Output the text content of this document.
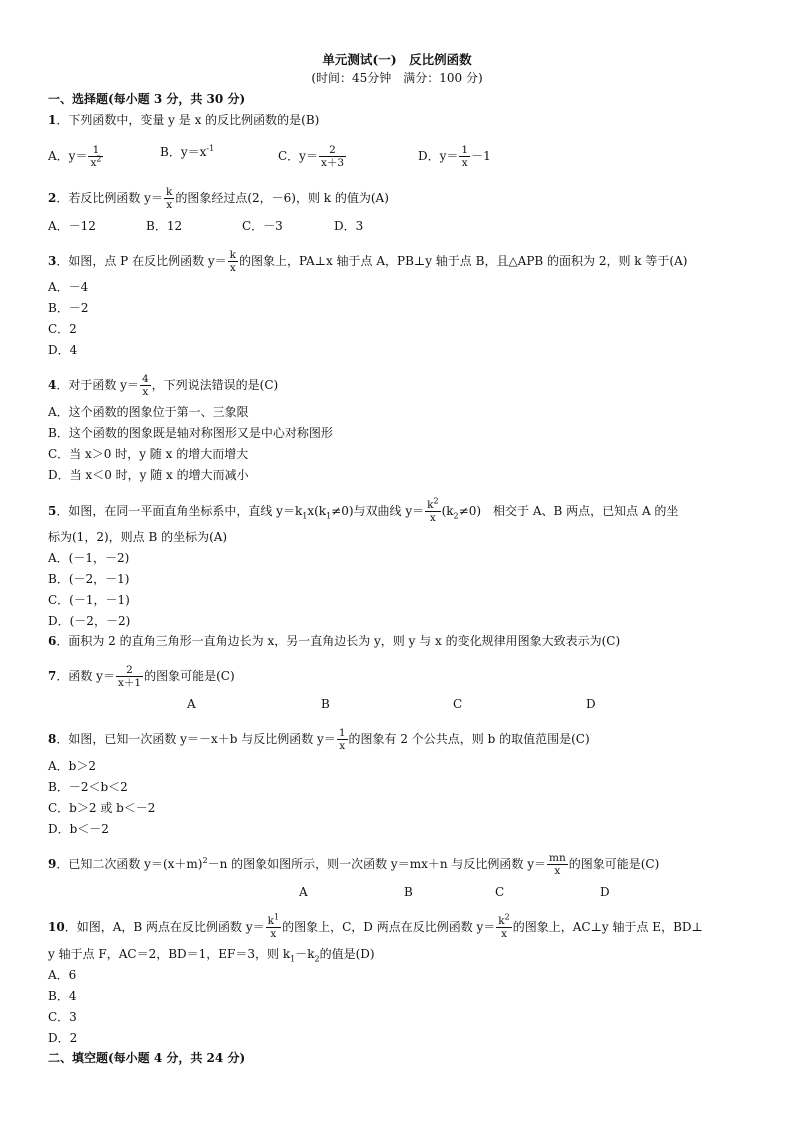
单元测试(一)　反比例函数
(时间：45分钟　满分：100 分)
一、选择题(每小题 3 分，共 30 分)
1．下列函数中，变量 y 是 x 的反比例函数的是(B)
A．$y= \frac{1}{x^2}$	B．$y=x^{-1}$
C．$y= \frac{2}{x+3}$	D．$y= \frac{1}{x} -1$
2．若反比例函数 $y= \frac{k}{x}$ 的图象经过点(2，－6)，则 k 的值为(A)
A．－12	B．12	C．－3	D．3
3．如图，点 P 在反比例函数 $y= \frac{k}{x}$ 的图象上，PA⊥x 轴于点 A，PB⊥y 轴于点 B，且△APB 的面积为 2，则 k 等于(A)
A．－4
B．－2
C．2
D．4
4．对于函数 $y= \frac{4}{x}$ ，下列说法错误的是(C)
A．这个函数的图象位于第一、三象限
B．这个函数的图象既是轴对称图形又是中心对称图形
C．当 x＞0 时，y 随 x 的增大而增大
D．当 x＜0 时，y 随 x 的增大而减小
5．如图，在同一平面直角坐标系中，直线 $y=k_1x(k_1\ne 0)$与双曲线 $y= \frac{k^2}{x} (k_2\ne 0)$　相交于 A、B 两点，已知点 A 的坐
标为(1，2)，则点 B 的坐标为(A)
A．(－1，－2)
B．(－2，－1)
C．(－1，－1)
D．(－2，－2)
6．面积为 2 的直角三角形一直角边长为 x，另一直角边长为 y，则 y 与 x 的变化规律用图象大致表示为(C)
7．函数 $y= \frac{2}{x+1}$ 的图象可能是(C)
A	B	C	D
8．如图，已知一次函数 y＝－x＋b 与反比例函数 $y= \frac{1}{x}$ 的图象有 2 个公共点，则 b 的取值范围是(C)
A．b＞2
B．－2＜b＜2
C．b＞2 或 b＜－2
D．b＜－2
9．已知二次函数 $y=(x+m)^2-n$ 的图象如图所示，则一次函数 y＝mx＋n 与反比例函数 $y= \frac{mn}{x}$ 的图象可能是(C)
A	B	C	D
10．如图，A，B 两点在反比例函数 $y= \frac{k^1}{x}$ 的图象上，C，D 两点在反比例函数 $y= \frac{k^2}{x}$ 的图象上，AC⊥y 轴于点 E，BD⊥
y 轴于点 F，AC＝2，BD＝1，EF＝3，则 $k_1-k_2$的值是(D)
A．6
B．4
C．3
D．2
二、填空题(每小题 4 分，共 24 分)
